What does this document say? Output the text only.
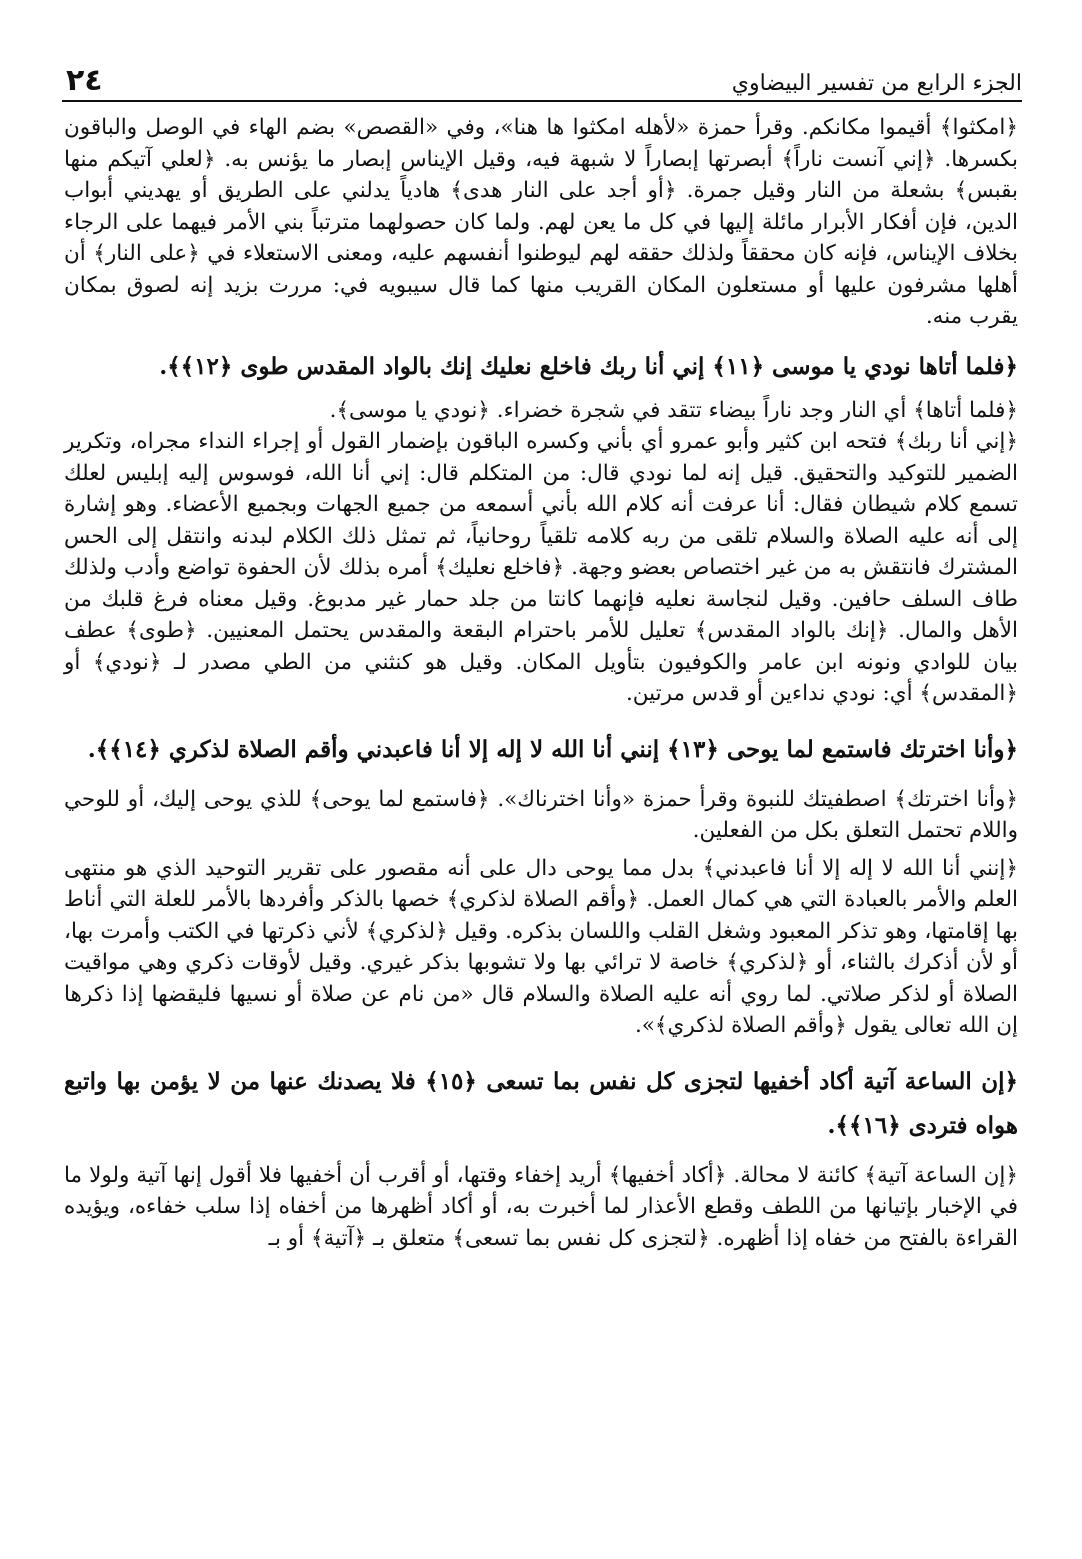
٢٤	الجزء الرابع من تفسير البيضاوي

﴿امكثوا﴾ أقيموا مكانكم. وقرأ حمزة «لأهله امكثوا ها هنا»، وفي «القصص» بضم الهاء في الوصل والباقون بكسرها. ﴿إني آنست ناراً﴾ أبصرتها إبصاراً لا شبهة فيه، وقيل الإيناس إبصار ما يؤنس به. ﴿لعلي آتيكم منها بقبس﴾ بشعلة من النار وقيل جمرة. ﴿أو أجد على النار هدى﴾ هادياً يدلني على الطريق أو يهديني أبواب الدين، فإن أفكار الأبرار مائلة إليها في كل ما يعن لهم. ولما كان حصولهما مترتباً بني الأمر فيهما على الرجاء بخلاف الإيناس، فإنه كان محققاً ولذلك حققه لهم ليوطنوا أنفسهم عليه، ومعنى الاستعلاء في ﴿على النار﴾ أن أهلها مشرفون عليها أو مستعلون المكان القريب منها كما قال سيبويه في: مررت بزيد إنه لصوق بمكان يقرب منه.

﴿فلما أتاها نودي يا موسى ﴿١١﴾ إني أنا ربك فاخلع نعليك إنك بالواد المقدس طوى ﴿١٢﴾﴾.

﴿فلما أتاها﴾ أي النار وجد ناراً بيضاء تتقد في شجرة خضراء. ﴿نودي يا موسى﴾.

﴿إني أنا ربك﴾ فتحه ابن كثير وأبو عمرو أي بأني وكسره الباقون بإضمار القول أو إجراء النداء مجراه، وتكرير الضمير للتوكيد والتحقيق. قيل إنه لما نودي قال: من المتكلم قال: إني أنا الله، فوسوس إليه إبليس لعلك تسمع كلام شيطان فقال: أنا عرفت أنه كلام الله بأني أسمعه من جميع الجهات وبجميع الأعضاء. وهو إشارة إلى أنه عليه الصلاة والسلام تلقى من ربه كلامه تلقياً روحانياً، ثم تمثل ذلك الكلام لبدنه وانتقل إلى الحس المشترك فانتقش به من غير اختصاص بعضو وجهة. ﴿فاخلع نعليك﴾ أمره بذلك لأن الحفوة تواضع وأدب ولذلك طاف السلف حافين. وقيل لنجاسة نعليه فإنهما كانتا من جلد حمار غير مدبوغ. وقيل معناه فرغ قلبك من الأهل والمال. ﴿إنك بالواد المقدس﴾ تعليل للأمر باحترام البقعة والمقدس يحتمل المعنيين. ﴿طوى﴾ عطف بيان للوادي ونونه ابن عامر والكوفيون بتأويل المكان. وقيل هو كنثني من الطي مصدر لـ ﴿نودي﴾ أو ﴿المقدس﴾ أي: نودي نداءين أو قدس مرتين.

﴿وأنا اخترتك فاستمع لما يوحى ﴿١٣﴾ إنني أنا الله لا إله إلا أنا فاعبدني وأقم الصلاة لذكري ﴿١٤﴾﴾.

﴿وأنا اخترتك﴾ اصطفيتك للنبوة وقرأ حمزة «وأنا اخترناك». ﴿فاستمع لما يوحى﴾ للذي يوحى إليك، أو للوحي واللام تحتمل التعلق بكل من الفعلين.

﴿إنني أنا الله لا إله إلا أنا فاعبدني﴾ بدل مما يوحى دال على أنه مقصور على تقرير التوحيد الذي هو منتهى العلم والأمر بالعبادة التي هي كمال العمل. ﴿وأقم الصلاة لذكري﴾ خصها بالذكر وأفردها بالأمر للعلة التي أناط بها إقامتها، وهو تذكر المعبود وشغل القلب واللسان بذكره. وقيل ﴿لذكري﴾ لأني ذكرتها في الكتب وأمرت بها، أو لأن أذكرك بالثناء، أو ﴿لذكري﴾ خاصة لا ترائي بها ولا تشوبها بذكر غيري. وقيل لأوقات ذكري وهي مواقيت الصلاة أو لذكر صلاتي. لما روي أنه عليه الصلاة والسلام قال «من نام عن صلاة أو نسيها فليقضها إذا ذكرها إن الله تعالى يقول ﴿وأقم الصلاة لذكري﴾».

﴿إن الساعة آتية أكاد أخفيها لتجزى كل نفس بما تسعى ﴿١٥﴾ فلا يصدنك عنها من لا يؤمن بها واتبع هواه فتردى ﴿١٦﴾﴾.

﴿إن الساعة آتية﴾ كائنة لا محالة. ﴿أكاد أخفيها﴾ أريد إخفاء وقتها، أو أقرب أن أخفيها فلا أقول إنها آتية ولولا ما في الإخبار بإتيانها من اللطف وقطع الأعذار لما أخبرت به، أو أكاد أظهرها من أخفاه إذا سلب خفاءه، ويؤيده القراءة بالفتح من خفاه إذا أظهره. ﴿لتجزى كل نفس بما تسعى﴾ متعلق بـ ﴿آتية﴾ أو بـ
